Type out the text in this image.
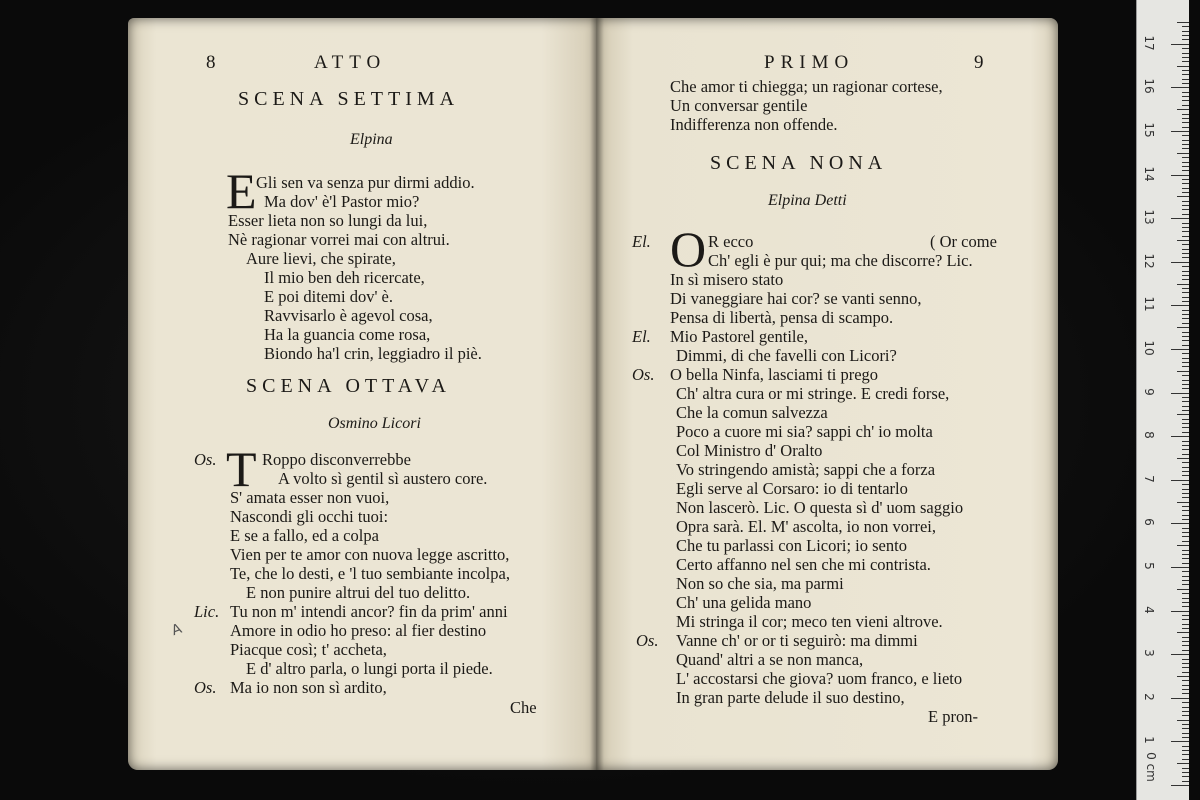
8	ATTO
SCENA SETTIMA
Elpina
E Gli sen va senza pur dirmi addio.
Ma dov' è'l Pastor mio?
Esser lieta non so lungi da lui,
Nè ragionar vorrei mai con altrui.
Aure lievi, che spirate,
Il mio ben deh ricercate,
E poi ditemi dov' è.
Ravvisarlo è agevol cosa,
Ha la guancia come rosa,
Biondo ha'l crin, leggiadro il piè.
SCENA OTTAVA
Osmino Licori
Os. T Roppo disconverrebbe
A volto sì gentil sì austero core.
S' amata esser non vuoi,
Nascondi gli occhi tuoi:
E se a fallo, ed a colpa
Vien per te amor con nuova legge ascritto,
Te, che lo desti, e 'l tuo sembiante incolpa,
E non punire altrui del tuo delitto.
Lic. Tu non m' intendi ancor? fin da prim' anni
Amore in odio ho preso: al fier destino
Piacque così; t' accheta,
E d' altro parla, o lungi porta il piede.
Os. Ma io non son sì ardito,
Che
A
PRIMO	9
Che amor ti chiegga; un ragionar cortese,
Un conversar gentile
Indifferenza non offende.
SCENA NONA
Elpina Detti
El. O R ecco	( Or come
Ch' egli è pur qui; ma che discorre? Lic.
In sì misero stato
Di vaneggiare hai cor? se vanti senno,
Pensa di libertà, pensa di scampo.
El. Mio Pastorel gentile,
Dimmi, di che favelli con Licori?
Os. O bella Ninfa, lasciami ti prego
Ch' altra cura or mi stringe. E credi forse,
Che la comun salvezza
Poco a cuore mi sia? sappi ch' io molta
Col Ministro d' Oralto
Vo stringendo amistà; sappi che a forza
Egli serve al Corsaro: io di tentarlo
Non lascerò. Lic. O questa sì d' uom saggio
Opra sarà. El. M' ascolta, io non vorrei,
Che tu parlassi con Licori; io sento
Certo affanno nel sen che mi contrista.
Non so che sia, ma parmi
Ch' una gelida mano
Mi stringa il cor; meco ten vieni altrove.
Os. Vanne ch' or or ti seguirò: ma dimmi
Quand' altri a se non manca,
L' accostarsi che giova? uom franco, e lieto
In gran parte delude il suo destino,
E pron-
0 cm
1
2
3
4
5
6
7
8
9
10
11
12
13
14
15
16
17
